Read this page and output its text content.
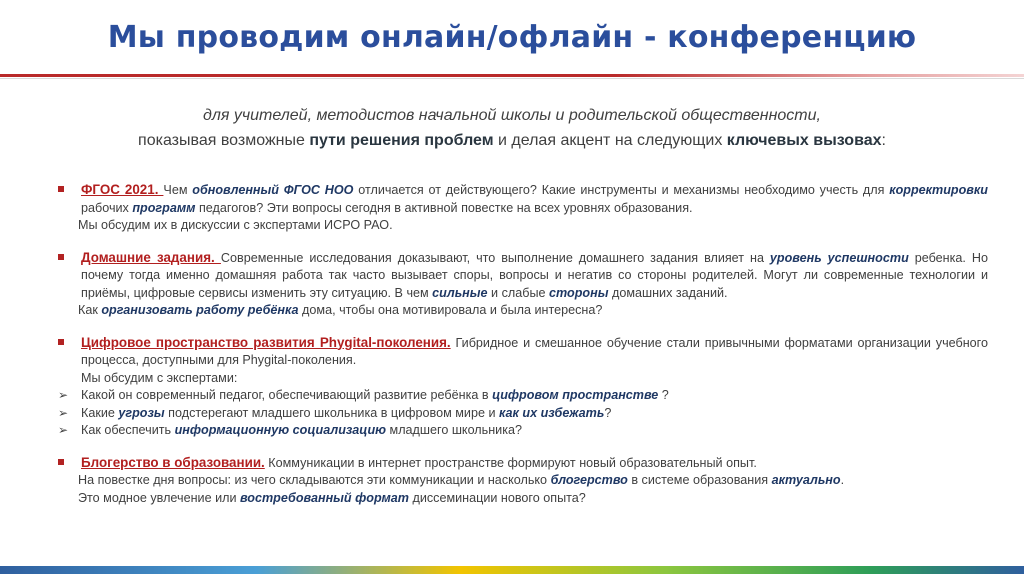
Мы проводим онлайн/офлайн - конференцию
для учителей, методистов начальной школы и родительской общественности,
показывая возможные пути решения проблем и делая акцент на следующих ключевых вызовах:

ФГОС 2021. Чем обновленный ФГОС НОО отличается от действующего? Какие инструменты и механизмы необходимо учесть для корректировки рабочих программ педагогов? Эти вопросы сегодня в активной повестке на всех уровнях образования.

Мы обсудим их в дискуссии с экспертами ИСРО РАО.

Домашние задания. Современные исследования доказывают, что выполнение домашнего задания влияет на уровень успешности ребенка. Но почему тогда именно домашняя работа так часто вызывает споры, вопросы и негатив со стороны родителей. Могут ли современные технологии и приёмы, цифровые сервисы изменить эту ситуацию. В чем сильные и слабые стороны домашних заданий.

Как организовать работу ребёнка дома, чтобы она мотивировала и была интересна?

Цифровое пространство развития Phygital-поколения. Гибридное и смешанное обучение стали привычными форматами организации учебного процесса, доступными для Phygital-поколения.

Мы обсудим с экспертами:

➢ Какой он современный педагог, обеспечивающий развитие ребёнка в цифровом пространстве ?

➢ Какие угрозы подстерегают младшего школьника в цифровом мире и как их избежать?

➢ Как обеспечить информационную социализацию младшего школьника?

Блогерство в образовании. Коммуникации в интернет пространстве формируют новый образовательный опыт.

На повестке дня вопросы: из чего складываются эти коммуникации и насколько блогерство в системе образования актуально.

Это модное увлечение или востребованный формат диссеминации нового опыта?
